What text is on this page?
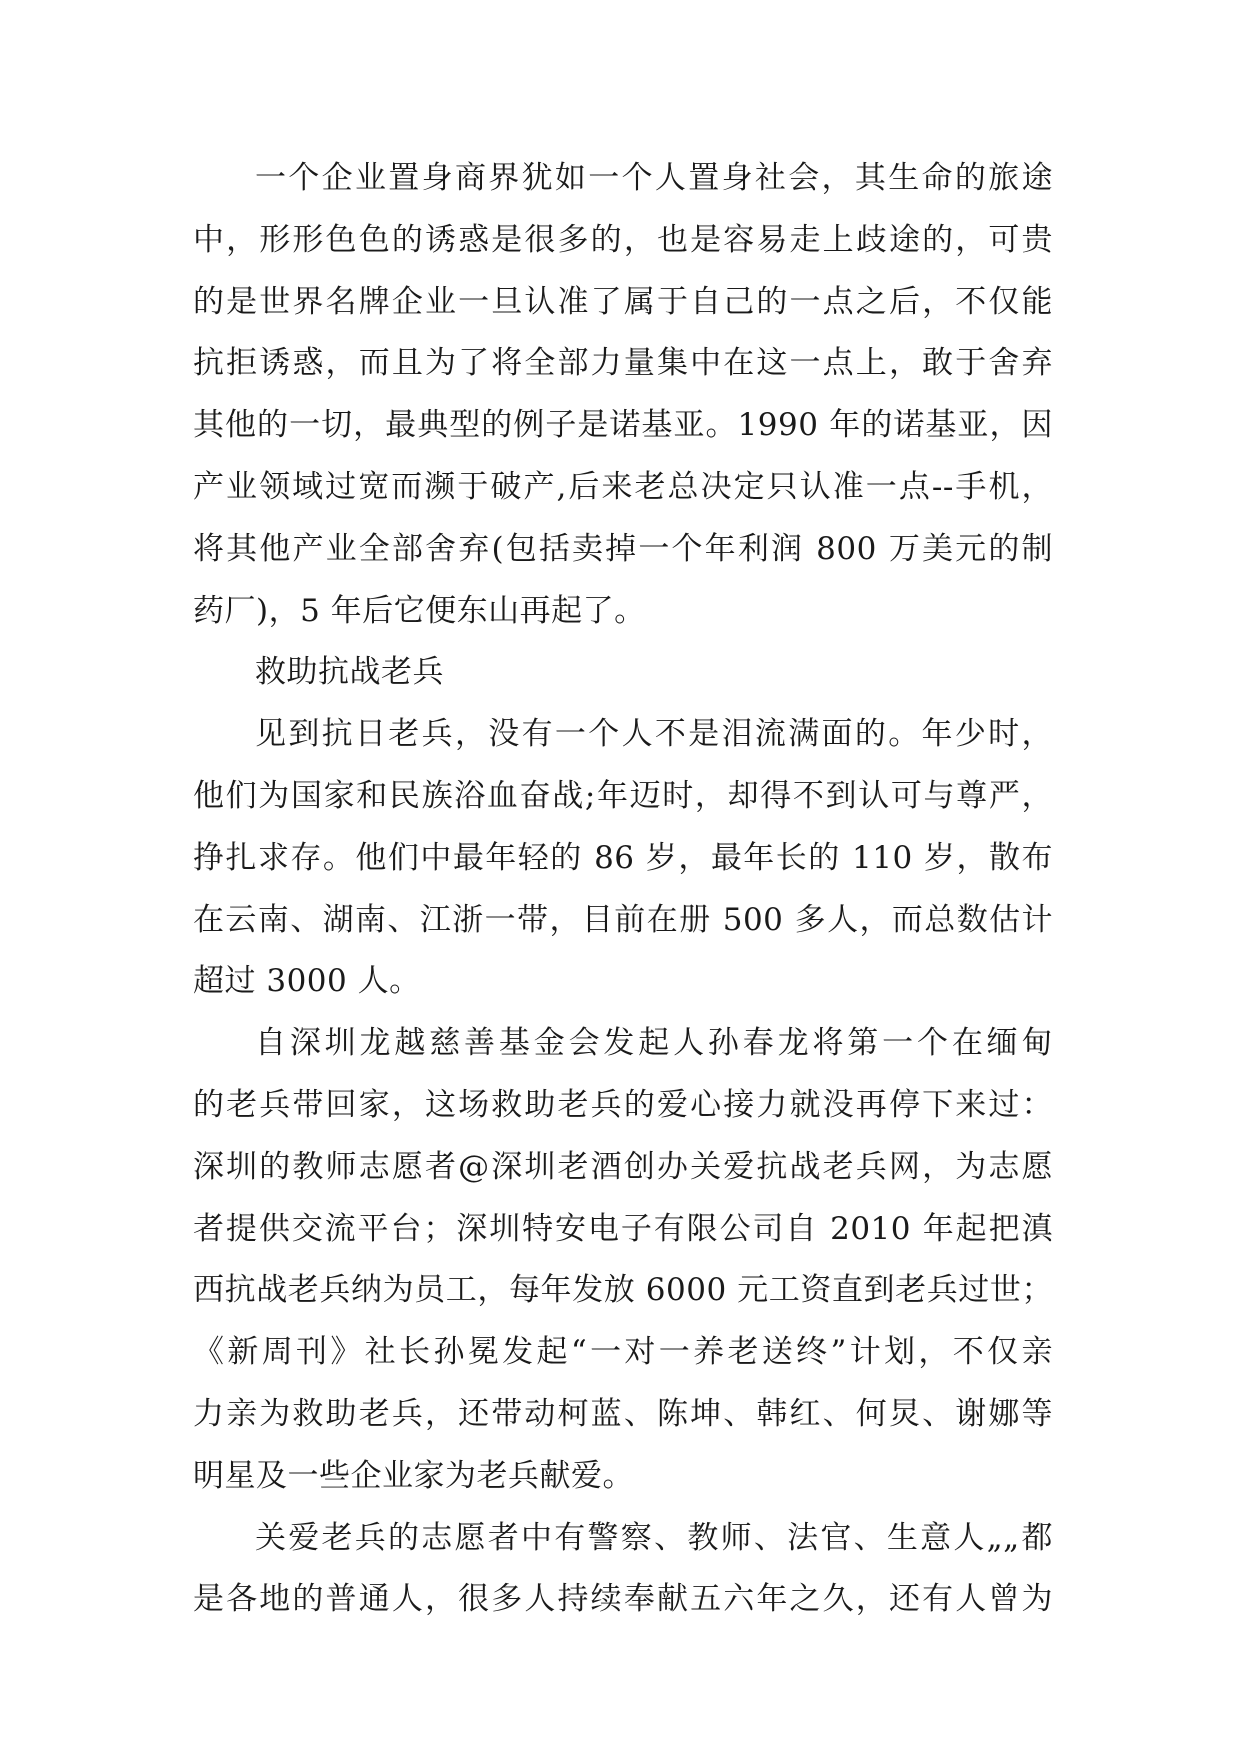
一个企业置身商界犹如一个人置身社会，其生命的旅途
中，形形色色的诱惑是很多的，也是容易走上歧途的，可贵
的是世界名牌企业一旦认准了属于自己的一点之后，不仅能
抗拒诱惑，而且为了将全部力量集中在这一点上，敢于舍弃
其他的一切，最典型的例子是诺基亚。1990 年的诺基亚，因
产业领域过宽而濒于破产,后来老总决定只认准一点--手机，
将其他产业全部舍弃(包括卖掉一个年利润 800 万美元的制
药厂)，5 年后它便东山再起了。
救助抗战老兵
见到抗日老兵，没有一个人不是泪流满面的。年少时，
他们为国家和民族浴血奋战;年迈时，却得不到认可与尊严，
挣扎求存。他们中最年轻的 86 岁，最年长的 110 岁，散布
在云南、湖南、江浙一带，目前在册 500 多人，而总数估计
超过 3000 人。
自深圳龙越慈善基金会发起人孙春龙将第一个在缅甸
的老兵带回家，这场救助老兵的爱心接力就没再停下来过：
深圳的教师志愿者@深圳老酒创办关爱抗战老兵网，为志愿
者提供交流平台；深圳特安电子有限公司自 2010 年起把滇
西抗战老兵纳为员工，每年发放 6000 元工资直到老兵过世；
《新周刊》社长孙冕发起“一对一养老送终”计划，不仅亲
力亲为救助老兵，还带动柯蓝、陈坤、韩红、何炅、谢娜等
明星及一些企业家为老兵献爱。
关爱老兵的志愿者中有警察、教师、法官、生意人„„都
是各地的普通人，很多人持续奉献五六年之久，还有人曾为
